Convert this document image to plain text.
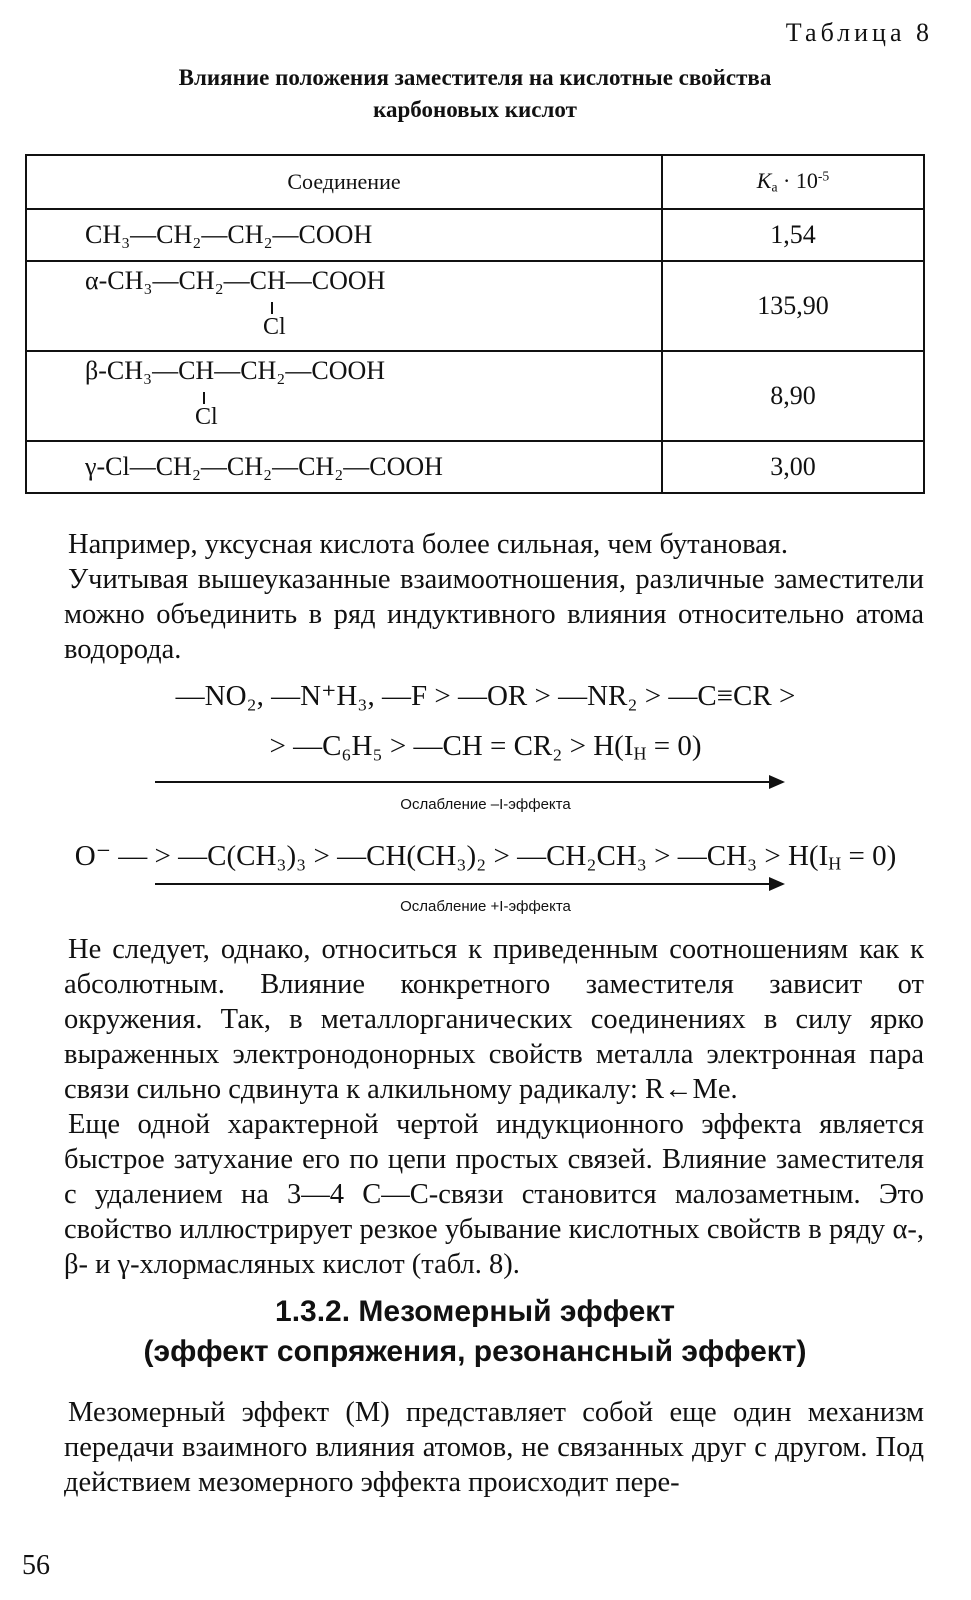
Таблица 8
Влияние положения заместителя на кислотные свойства
карбоновых кислот
Соединение	$K_a \cdot 10^{-5}$
CH₃—CH₂—CH₂—COOH	1,54

α-CH₃—CH₂—CH—COOH
Cl	135,90

β-CH₃—CH—CH₂—COOH
Cl	8,90
γ-Cl—CH₂—CH₂—CH₂—COOH	3,00
Например, уксусная кислота более сильная, чем бутановая.
Учитывая вышеуказанные взаимоотношения, различные заместители можно объединить в ряд индуктивного влияния относительно атома водорода.
—NO₂, —N⁺H₃, —F > —OR > —NR₂ > —C≡CR >
> —C₆H₅ > —CH = $CR_2 > H(I_H = 0)$
Ослабление –I-эффекта
O⁻ — > —C(CH₃)₃ > —CH(CH₃)₂ > —CH₂CH₃ > —CH₃ > $H(I_H = 0)$
Ослабление +I-эффекта
Не следует, однако, относиться к приведенным соотношениям как к абсолютным. Влияние конкретного заместителя зависит от окружения. Так, в металлорганических соединениях в силу ярко выраженных электронодонорных свойств металла электронная пара связи сильно сдвинута к алкильному радикалу: R←Me.
Еще одной характерной чертой индукционного эффекта является быстрое затухание его по цепи простых связей. Влияние заместителя с удалением на 3—4 С—С-связи становится малозаметным. Это свойство иллюстрирует резкое убывание кислотных свойств в ряду α-, β- и γ-хлормасляных кислот (табл. 8).
1.3.2. Мезомерный эффект
(эффект сопряжения, резонансный эффект)
Мезомерный эффект (М) представляет собой еще один механизм передачи взаимного влияния атомов, не связанных друг с другом. Под действием мезомерного эффекта происходит пере-
56
